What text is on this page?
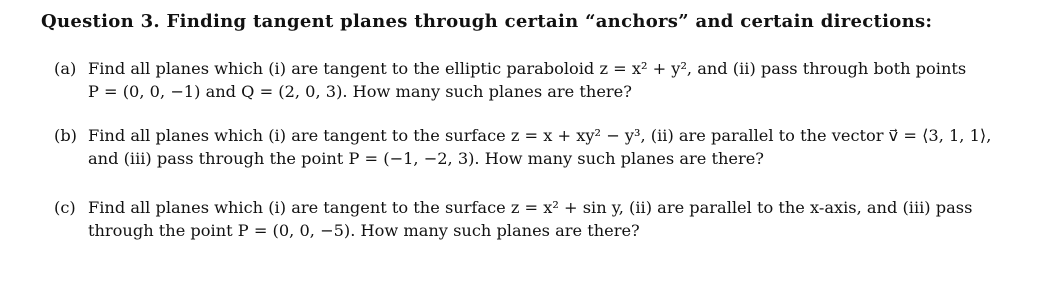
Question 3. Finding tangent planes through certain “anchors” and certain directions:
(a) Find all planes which (i) are tangent to the elliptic paraboloid z = x² + y², and (ii) pass through both points
P = (0, 0, −1) and Q = (2, 0, 3). How many such planes are there?
(b) Find all planes which (i) are tangent to the surface z = x + xy² − y³, (ii) are parallel to the vector v⃗ = ⟨3, 1, 1⟩,
and (iii) pass through the point P = (−1, −2, 3). How many such planes are there?
(c) Find all planes which (i) are tangent to the surface z = x² + sin y, (ii) are parallel to the x-axis, and (iii) pass
through the point P = (0, 0, −5). How many such planes are there?
